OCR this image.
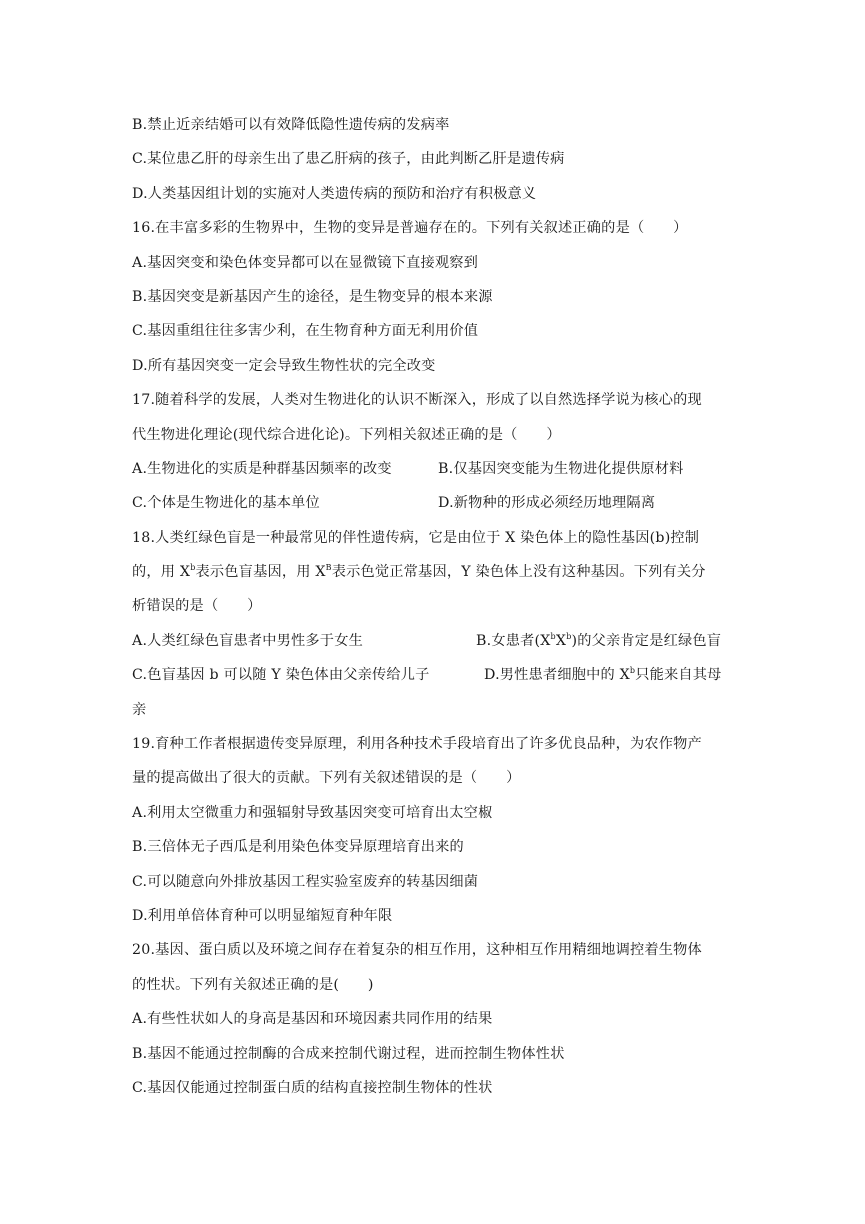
B.禁止近亲结婚可以有效降低隐性遗传病的发病率
C.某位患乙肝的母亲生出了患乙肝病的孩子，由此判断乙肝是遗传病
D.人类基因组计划的实施对人类遗传病的预防和治疗有积极意义
16.在丰富多彩的生物界中，生物的变异是普遍存在的。下列有关叙述正确的是（　　）
A.基因突变和染色体变异都可以在显微镜下直接观察到
B.基因突变是新基因产生的途径，是生物变异的根本来源
C.基因重组往往多害少利，在生物育种方面无利用价值
D.所有基因突变一定会导致生物性状的完全改变
17.随着科学的发展，人类对生物进化的认识不断深入，形成了以自然选择学说为核心的现
代生物进化理论(现代综合进化论)。下列相关叙述正确的是（　　）
A.生物进化的实质是种群基因频率的改变	B.仅基因突变能为生物进化提供原材料
C.个体是生物进化的基本单位	D.新物种的形成必须经历地理隔离
18.人类红绿色盲是一种最常见的伴性遗传病，它是由位于 X 染色体上的隐性基因(b)控制
的，用 $X^b$表示色盲基因，用 $X^B$表示色觉正常基因，Y 染色体上没有这种基因。下列有关分
析错误的是（　　）
A.人类红绿色盲患者中男性多于女生	B.女患者$(X^bX^b)$的父亲肯定是红绿色盲
C.色盲基因 b 可以随 Y 染色体由父亲传给儿子	D.男性患者细胞中的 $X^b$只能来自其母
亲
19.育种工作者根据遗传变异原理，利用各种技术手段培育出了许多优良品种，为农作物产
量的提高做出了很大的贡献。下列有关叙述错误的是（　　）
A.利用太空微重力和强辐射导致基因突变可培育出太空椒
B.三倍体无子西瓜是利用染色体变异原理培育出来的
C.可以随意向外排放基因工程实验室废弃的转基因细菌
D.利用单倍体育种可以明显缩短育种年限
20.基因、蛋白质以及环境之间存在着复杂的相互作用，这种相互作用精细地调控着生物体
的性状。下列有关叙述正确的是(　　)
A.有些性状如人的身高是基因和环境因素共同作用的结果
B.基因不能通过控制酶的合成来控制代谢过程，进而控制生物体性状
C.基因仅能通过控制蛋白质的结构直接控制生物体的性状
